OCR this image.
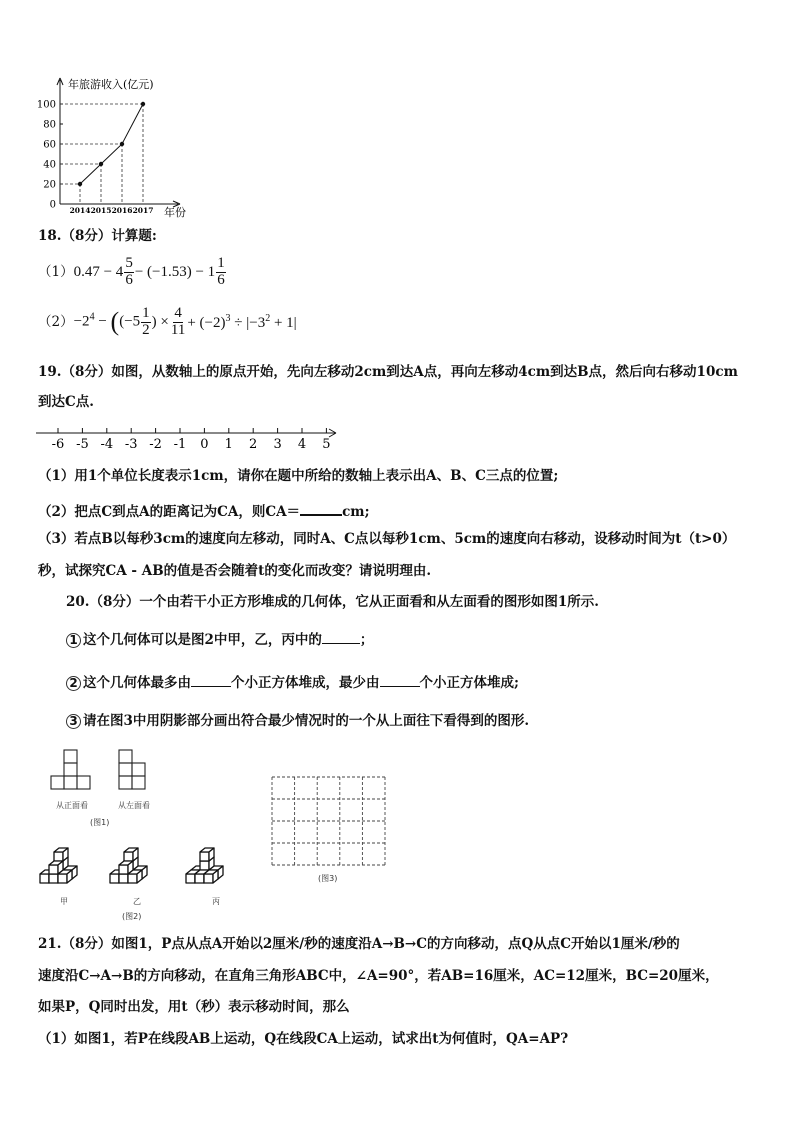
年旅游收入(亿元)
年份
0
20
40
60
80
100
2014 2015 2016 2017
18.（8分）计算题:
（1） $0.47 - 4 \frac{5}{6} - (-1.53) - 1 \frac{1}{6}$
$(2) -2^4 - ((-5 \frac{1}{2}$ ) × $\frac{4}{11} + (-2)^3 \div |-3^2 + 1|$
19.（8分）如图，从数轴上的原点开始，先向左移动2cm到达A点，再向左移动4cm到达B点，然后向右移动10cm
到达C点.
-6 -5 -4 -3 -2 -1 0 1 2 3 4 5
（1）用1个单位长度表示1cm，请你在题中所给的数轴上表示出A、B、C三点的位置;
（2）把点C到点A的距离记为CA，则CA＝	cm;
（3）若点B以每秒3cm的速度向左移动，同时A、C点以每秒1cm、5cm的速度向右移动，设移动时间为t（t>0）
秒，试探究CA - AB的值是否会随着t的变化而改变？请说明理由.
20.（8分）一个由若干小正方形堆成的几何体，它从正面看和从左面看的图形如图1所示.
1 这个几何体可以是图2中甲，乙，丙中的	；
2 这个几何体最多由	个小正方体堆成，最少由	个小正方体堆成;
3 请在图3中用阴影部分画出符合最少情况时的一个从上面往下看得到的图形.
从正面看	从左面看
(图1)
甲	乙	丙
(图2)
(图3)
21.（8分）如图1，P点从点A开始以2厘米/秒的速度沿A→B→C的方向移动，点Q从点C开始以1厘米/秒的
速度沿C→A→B的方向移动，在直角三角形ABC中，∠A=90°，若AB=16厘米，AC=12厘米，BC=20厘米，
如果P，Q同时出发，用t（秒）表示移动时间，那么
（1）如图1，若P在线段AB上运动，Q在线段CA上运动，试求出t为何值时，QA=AP?
